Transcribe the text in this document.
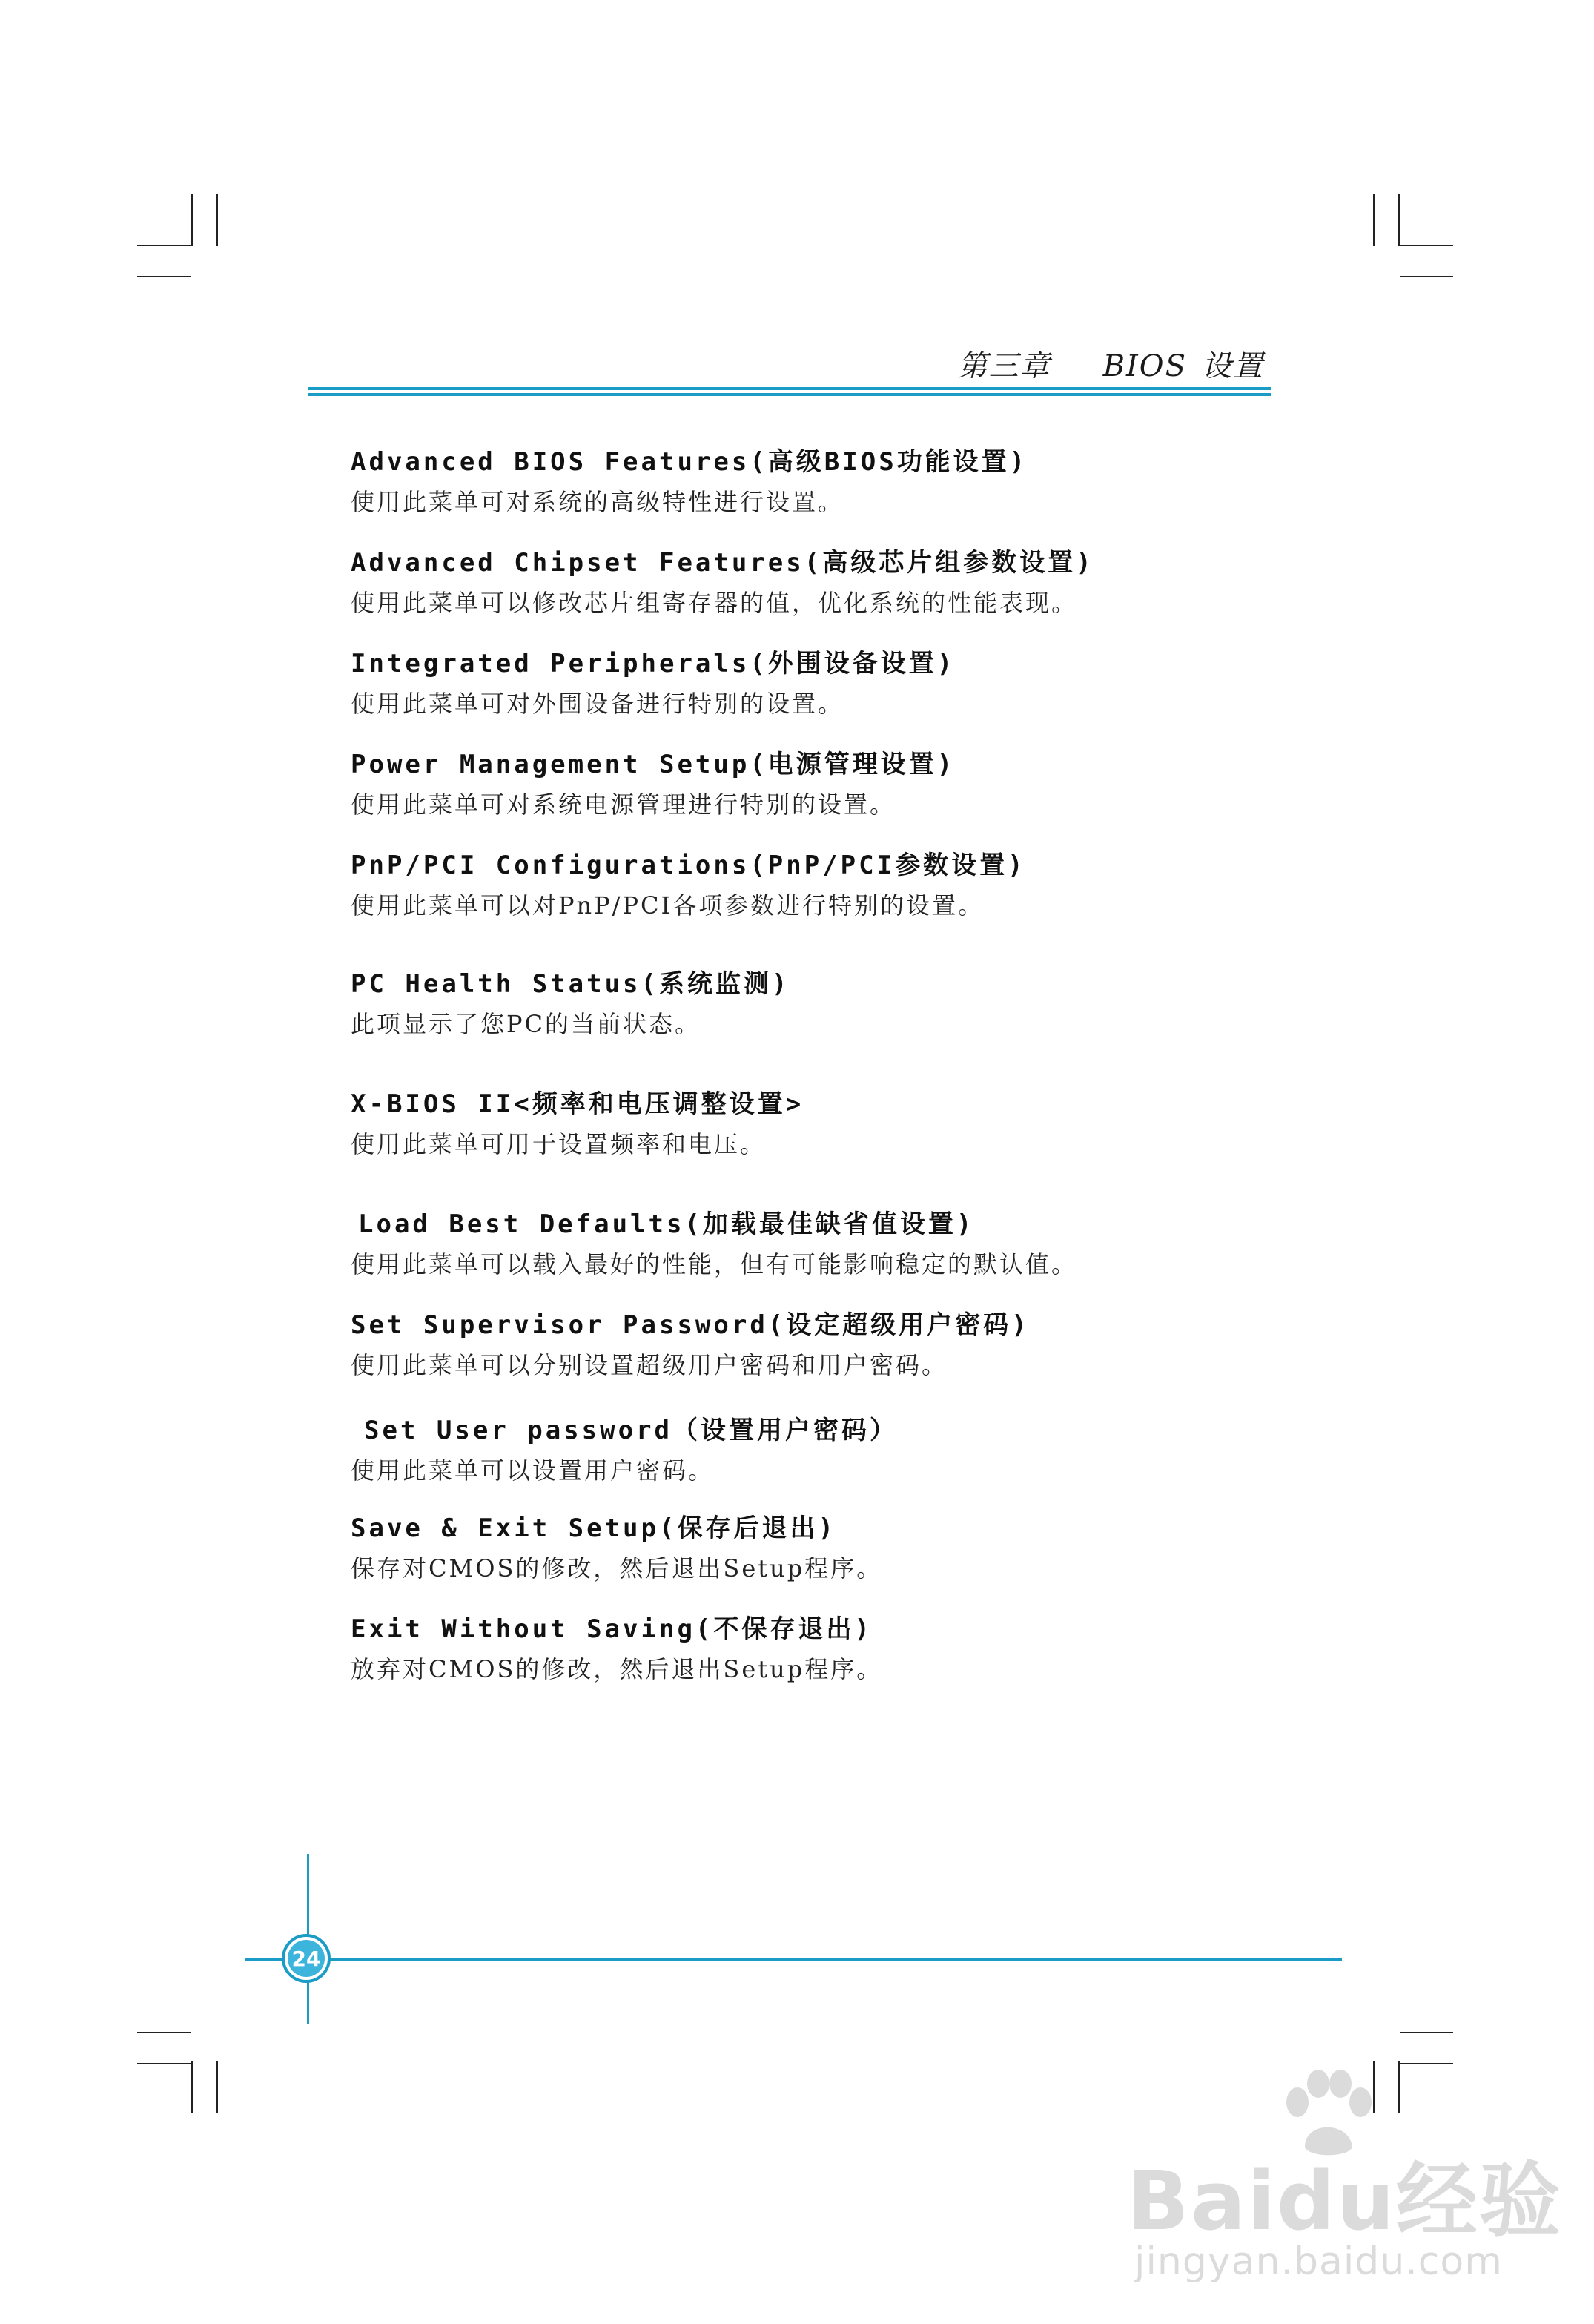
第三章 BIOS 设置
Advanced BIOS Features(高级BIOS功能设置)
使用此菜单可对系统的高级特性进行设置。
Advanced Chipset Features(高级芯片组参数设置)
使用此菜单可以修改芯片组寄存器的值，优化系统的性能表现。
Integrated Peripherals(外围设备设置)
使用此菜单可对外围设备进行特别的设置。
Power Management Setup(电源管理设置)
使用此菜单可对系统电源管理进行特别的设置。
PnP/PCI Configurations(PnP/PCI参数设置)
使用此菜单可以对PnP/PCI各项参数进行特别的设置。
PC Health Status(系统监测)
此项显示了您PC的当前状态。
X-BIOS II<频率和电压调整设置>
使用此菜单可用于设置频率和电压。
Load Best Defaults(加载最佳缺省值设置)
使用此菜单可以载入最好的性能，但有可能影响稳定的默认值。
Set Supervisor Password(设定超级用户密码)
使用此菜单可以分别设置超级用户密码和用户密码。
Set User password（设置用户密码）
使用此菜单可以设置用户密码。
Save & Exit Setup(保存后退出)
保存对CMOS的修改，然后退出Setup程序。
Exit Without Saving(不保存退出)
放弃对CMOS的修改，然后退出Setup程序。
24
Baidu经验
jingyan.baidu.com
